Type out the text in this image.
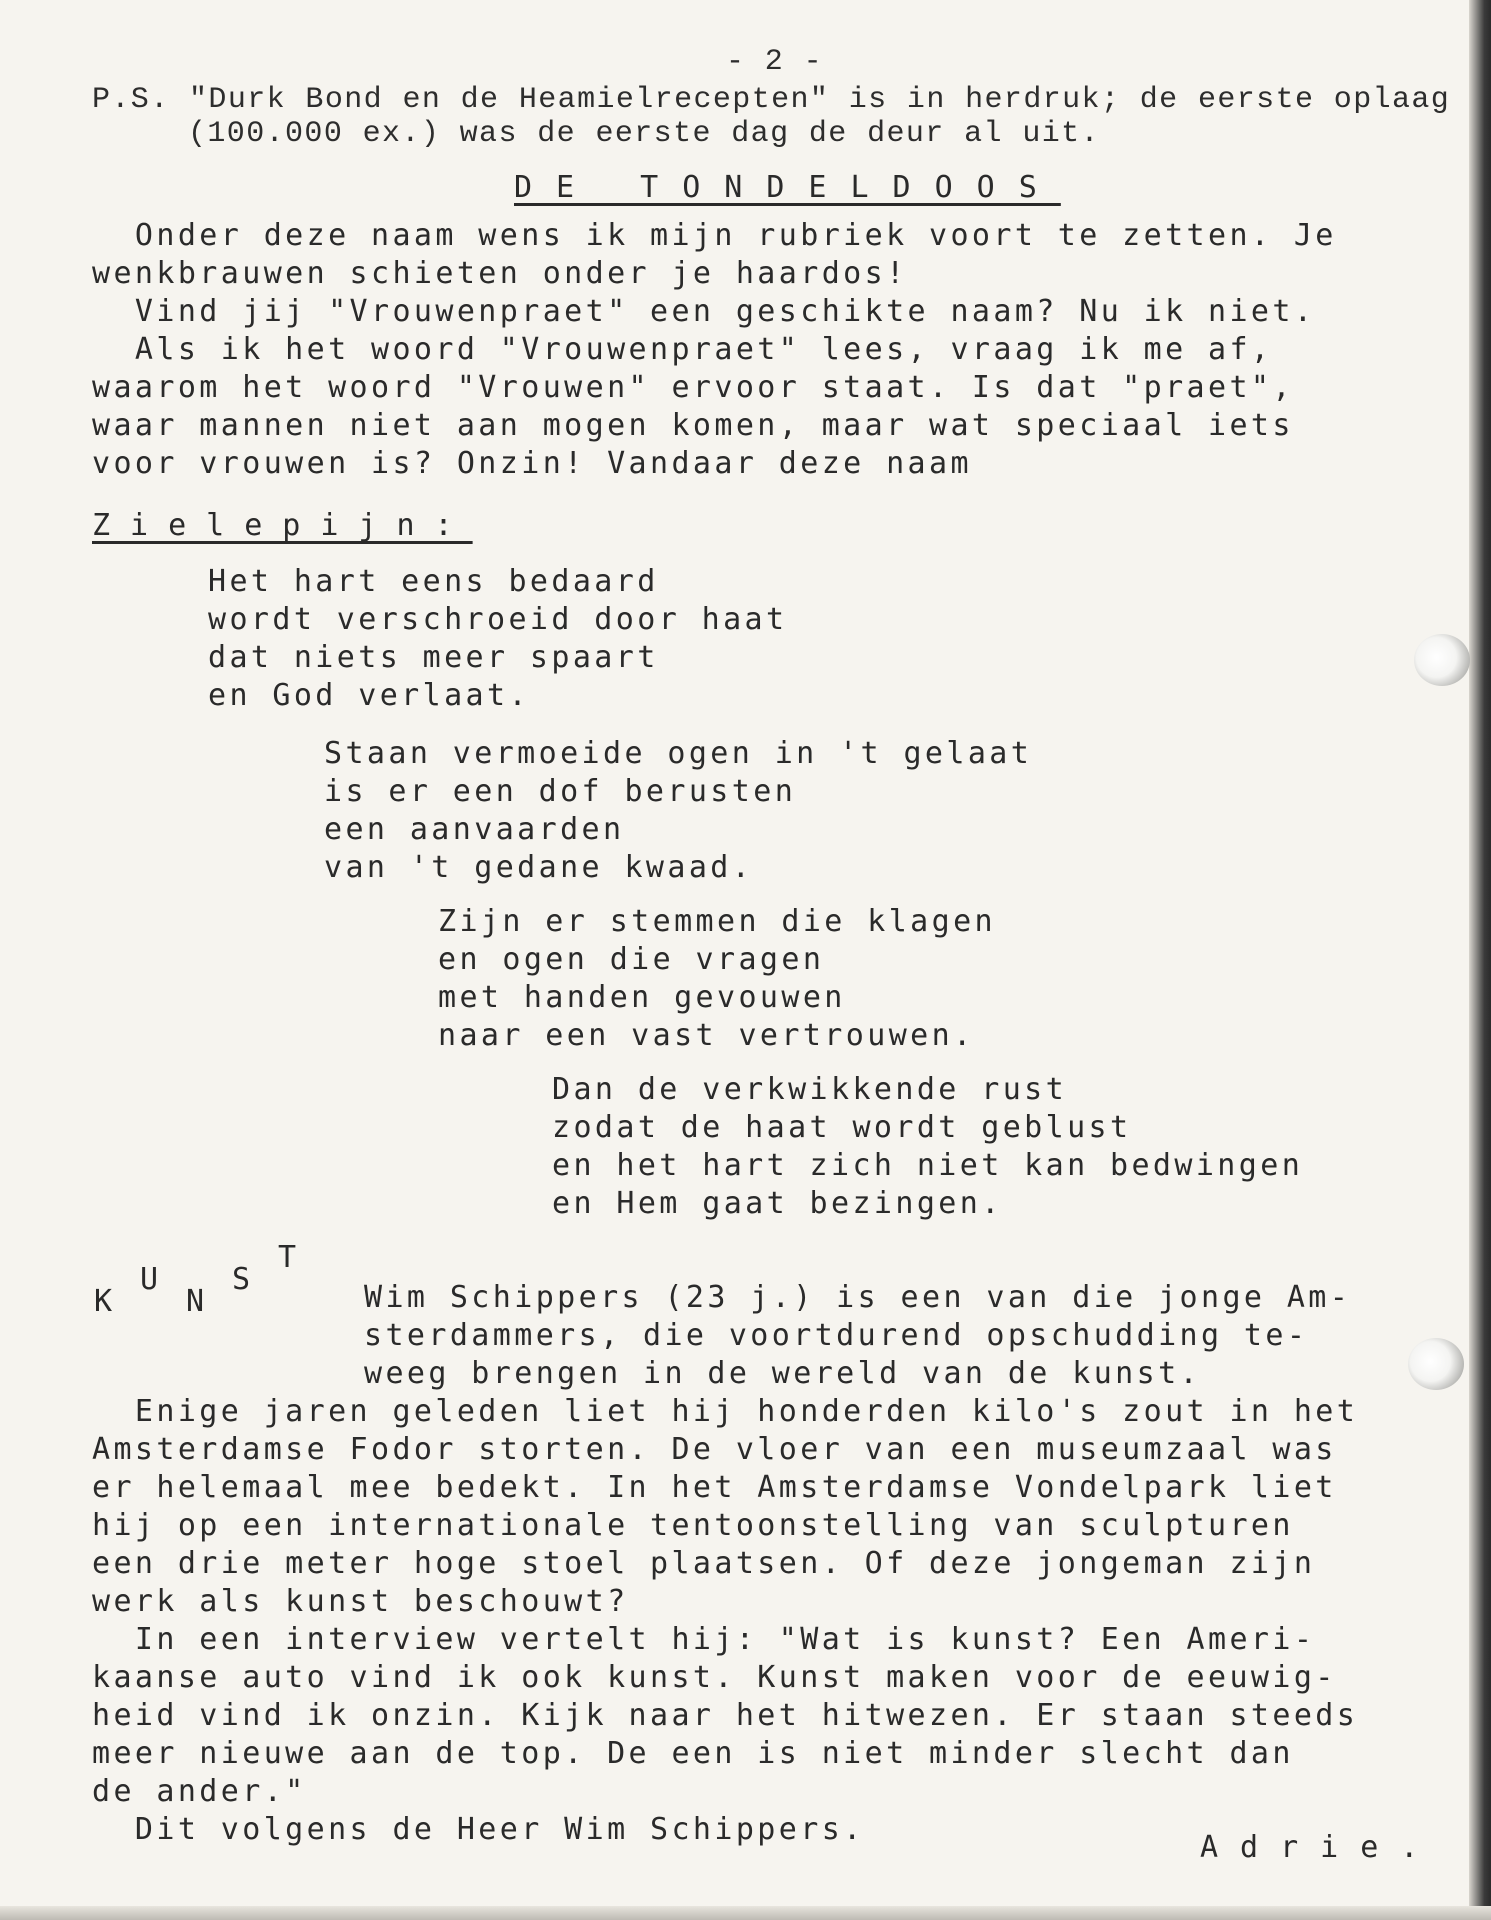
- 2 -
P.S. "Durk Bond en de Heamielrecepten" is in herdruk; de eerste oplaag
(100.000 ex.) was de eerste dag de deur al uit.
DE TONDELDOOS
Onder deze naam wens ik mijn rubriek voort te zetten. Je
wenkbrauwen schieten onder je haardos!
Vind jij "Vrouwenpraet" een geschikte naam? Nu ik niet.
Als ik het woord "Vrouwenpraet" lees, vraag ik me af,
waarom het woord "Vrouwen" ervoor staat. Is dat "praet",
waar mannen niet aan mogen komen, maar wat speciaal iets
voor vrouwen is? Onzin! Vandaar deze naam
Zielepijn:
Het hart eens bedaard
wordt verschroeid door haat
dat niets meer spaart
en God verlaat.
Staan vermoeide ogen in 't gelaat
is er een dof berusten
een aanvaarden
van 't gedane kwaad.
Zijn er stemmen die klagen
en ogen die vragen
met handen gevouwen
naar een vast vertrouwen.
Dan de verkwikkende rust
zodat de haat wordt geblust
en het hart zich niet kan bedwingen
en Hem gaat bezingen.
K
U
N
S
T
Wim Schippers (23 j.) is een van die jonge Am-
sterdammers, die voortdurend opschudding te-
weeg brengen in de wereld van de kunst.
Enige jaren geleden liet hij honderden kilo's zout in het
Amsterdamse Fodor storten. De vloer van een museumzaal was
er helemaal mee bedekt. In het Amsterdamse Vondelpark liet
hij op een internationale tentoonstelling van sculpturen
een drie meter hoge stoel plaatsen. Of deze jongeman zijn
werk als kunst beschouwt?
In een interview vertelt hij: "Wat is kunst? Een Ameri-
kaanse auto vind ik ook kunst. Kunst maken voor de eeuwig-
heid vind ik onzin. Kijk naar het hitwezen. Er staan steeds
meer nieuwe aan de top. De een is niet minder slecht dan
de ander."
Dit volgens de Heer Wim Schippers.
Adrie.
